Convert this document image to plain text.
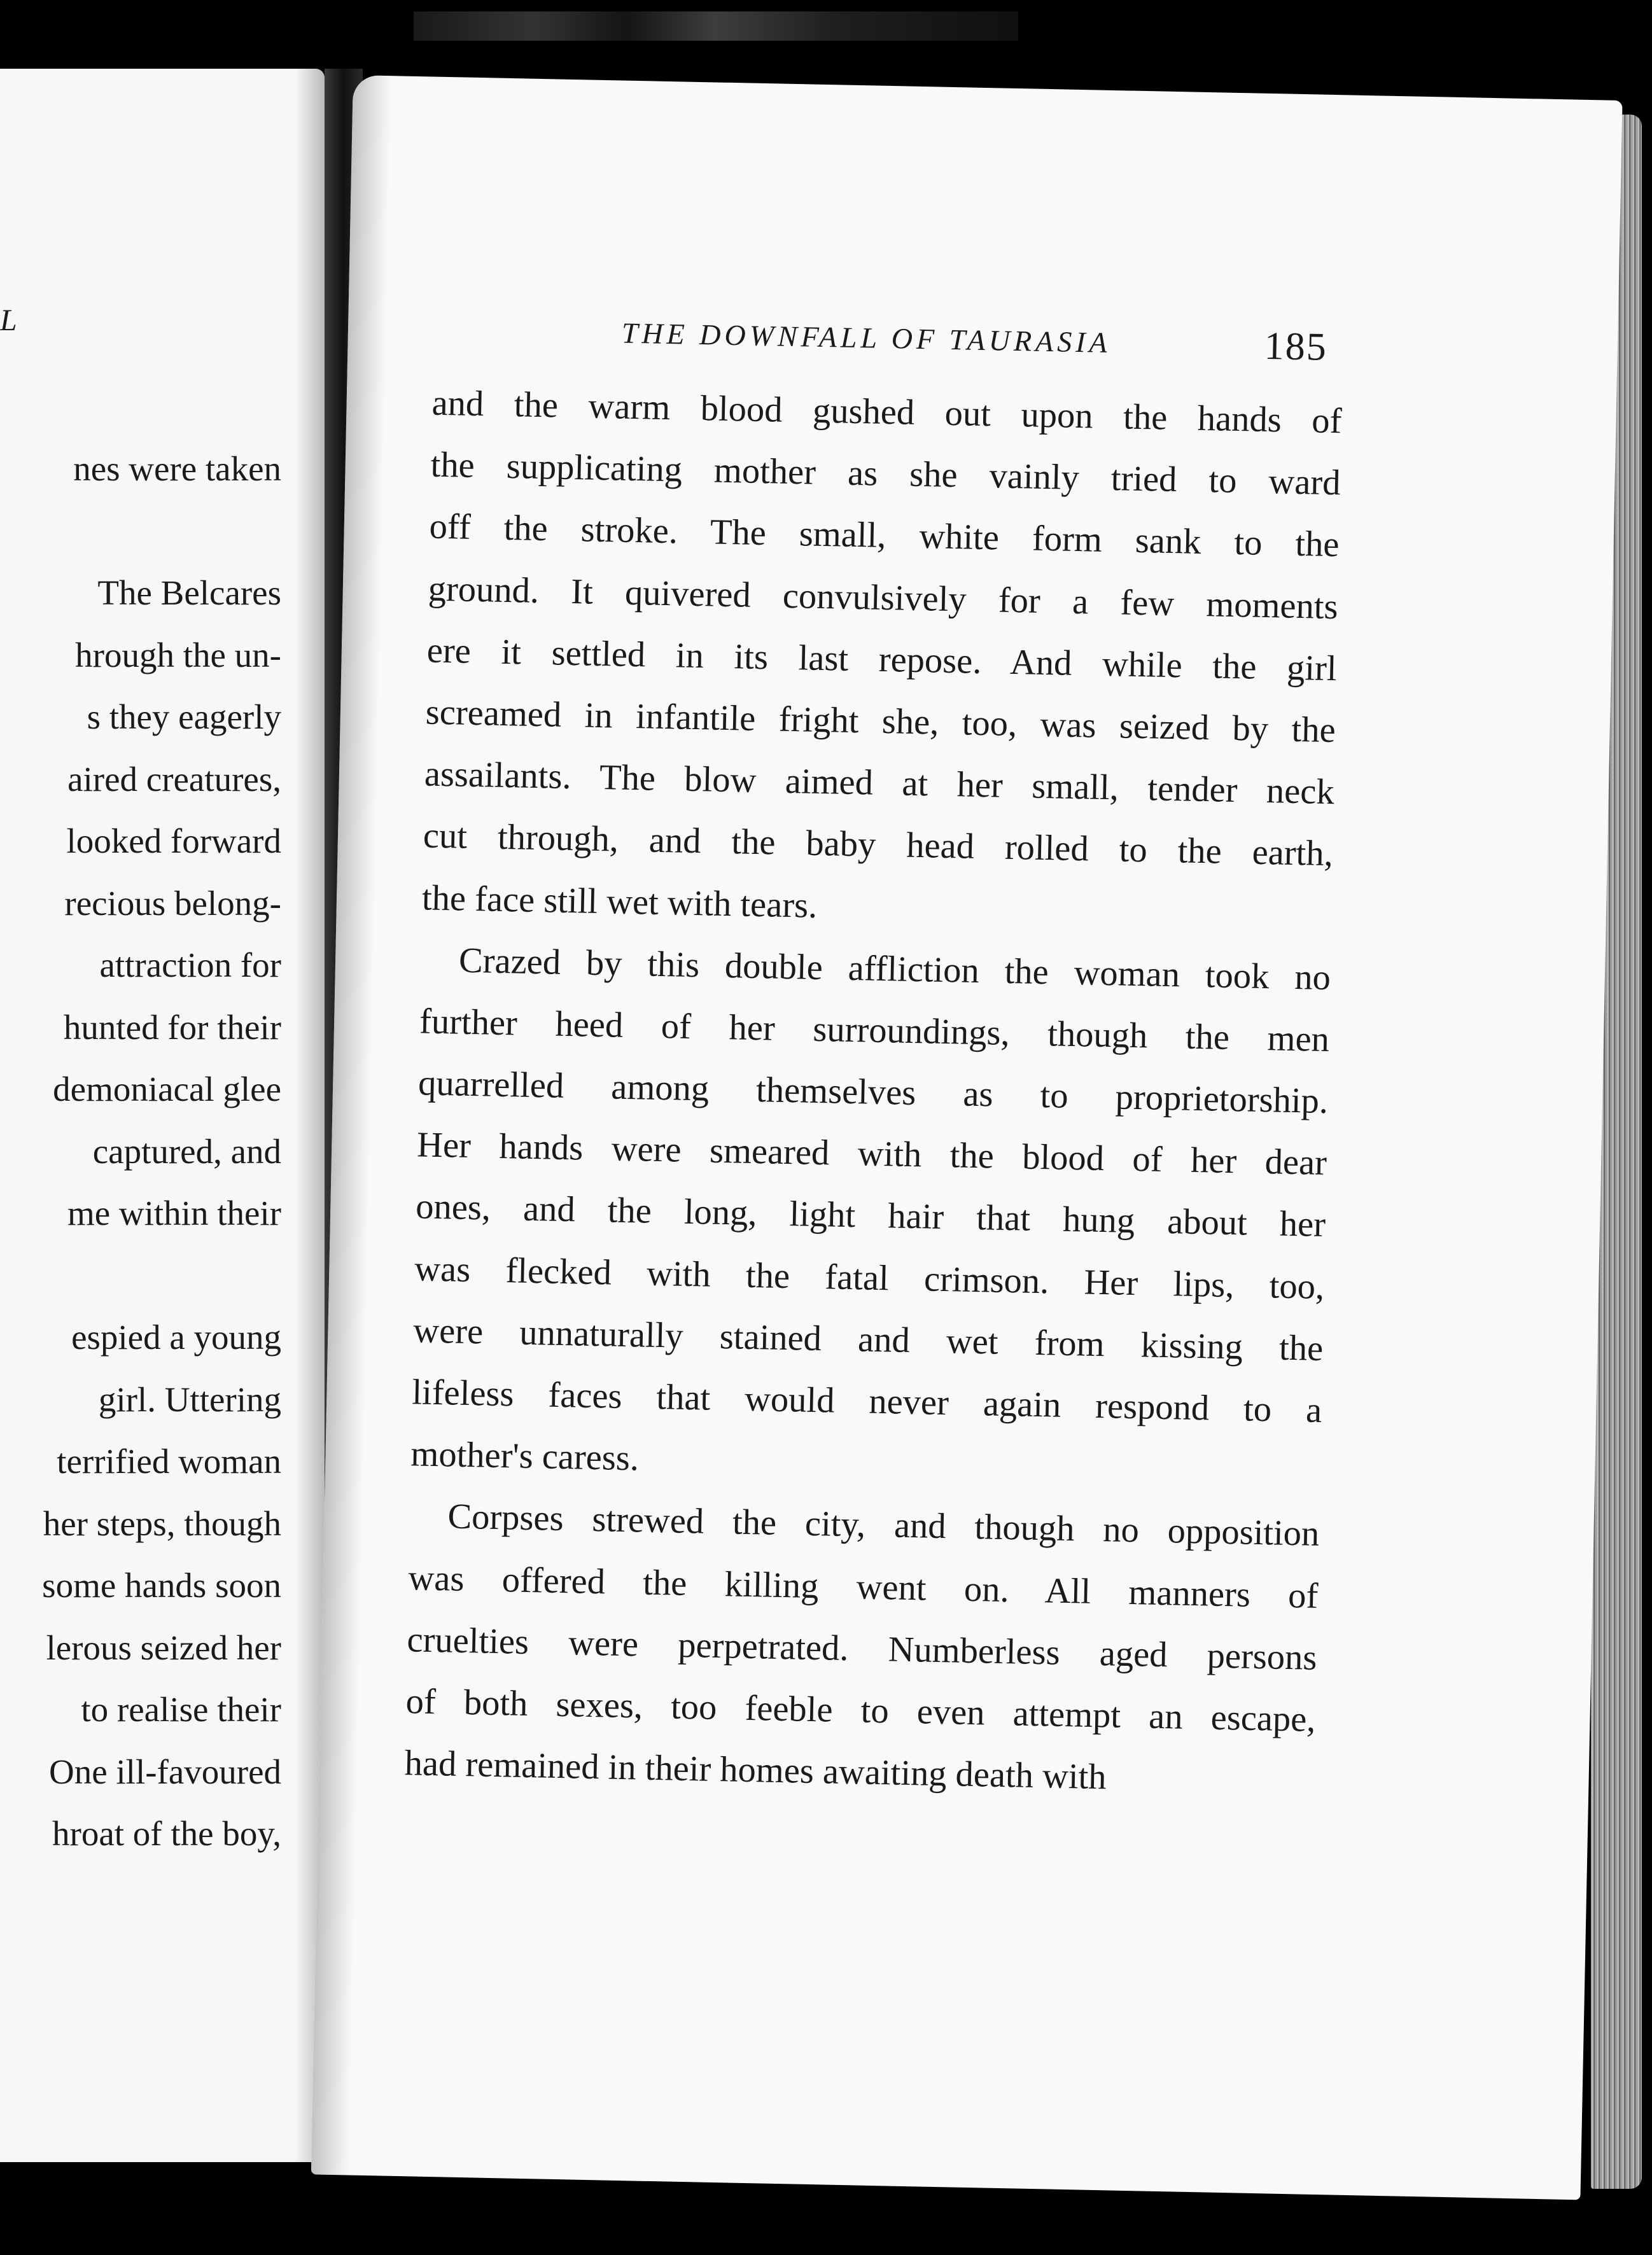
L
nes were taken
The Belcares
hrough the un-
s they eagerly
aired creatures,
looked forward
recious belong-
attraction for
hunted for their
demoniacal glee
captured, and
me within their
espied a young
girl. Uttering
terrified woman
her steps, though
some hands soon
lerous seized her
to realise their
One ill-favoured
hroat of the boy,
THE DOWNFALL OF TAURASIA	185

and the warm blood gushed out upon the hands of
the supplicating mother as she vainly tried to ward
off the stroke. The small, white form sank to the
ground. It quivered convulsively for a few moments
ere it settled in its last repose. And while the girl
screamed in infantile fright she, too, was seized by the
assailants. The blow aimed at her small, tender neck
cut through, and the baby head rolled to the earth,
the face still wet with tears.

Crazed by this double affliction the woman took no
further heed of her surroundings, though the men
quarrelled among themselves as to proprietorship.
Her hands were smeared with the blood of her dear
ones, and the long, light hair that hung about her
was flecked with the fatal crimson. Her lips, too,
were unnaturally stained and wet from kissing the
lifeless faces that would never again respond to a
mother's caress.

Corpses strewed the city, and though no opposition
was offered the killing went on. All manners of
cruelties were perpetrated. Numberless aged persons
of both sexes, too feeble to even attempt an escape,
had remained in their homes awaiting death with
